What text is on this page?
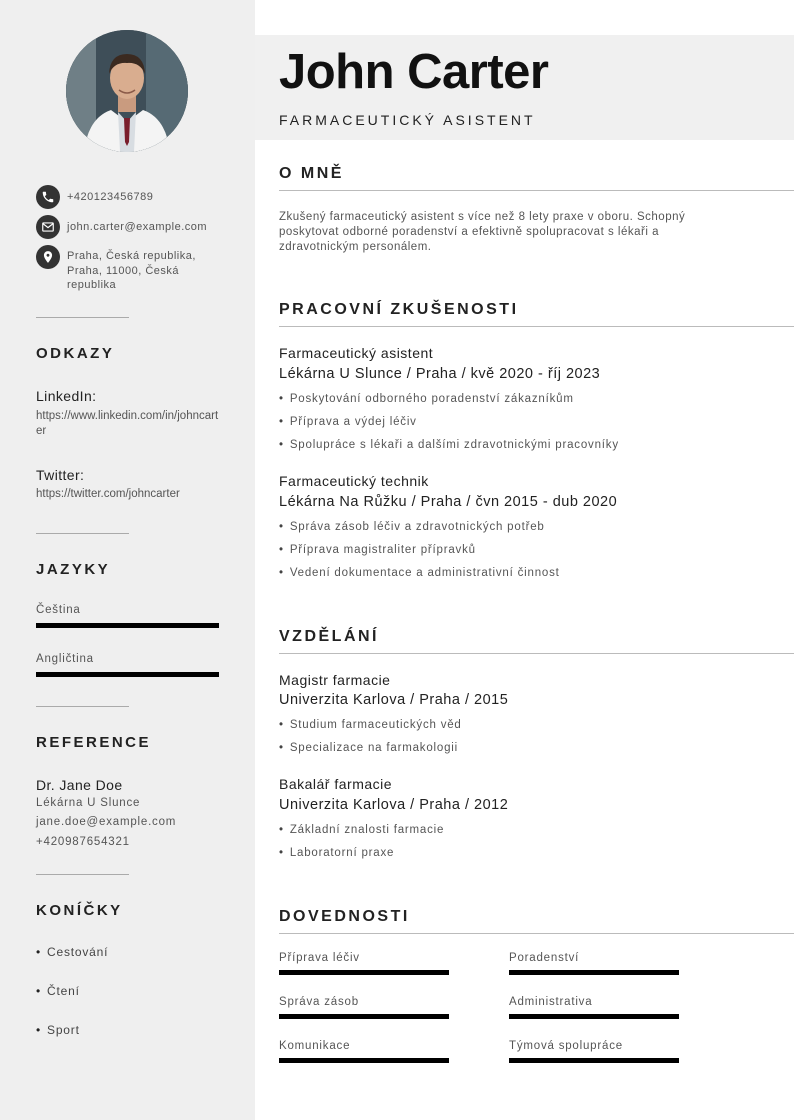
+420123456789
john.carter@example.com
Praha, Česká republika, Praha, 11000, Česká republika
ODKAZY
LinkedIn:
https://www.linkedin.com/in/johncarter
Twitter:
https://twitter.com/johncarter
JAZYKY
Čeština
Angličtina
REFERENCE
Dr. Jane Doe
Lékárna U Slunce
jane.doe@example.com
+420987654321
KONÍČKY
• Cestování
• Čtení
• Sport
John Carter
FARMACEUTICKÝ ASISTENT
O MNĚ
Zkušený farmaceutický asistent s více než 8 lety praxe v oboru. Schopný poskytovat odborné poradenství a efektivně spolupracovat s lékaři a zdravotnickým personálem.
PRACOVNÍ ZKUŠENOSTI
Farmaceutický asistent
Lékárna U Slunce / Praha / kvě 2020 - říj 2023
• Poskytování odborného poradenství zákazníkům
• Příprava a výdej léčiv
• Spolupráce s lékaři a dalšími zdravotnickými pracovníky
Farmaceutický technik
Lékárna Na Růžku / Praha / čvn 2015 - dub 2020
• Správa zásob léčiv a zdravotnických potřeb
• Příprava magistraliter přípravků
• Vedení dokumentace a administrativní činnost
VZDĚLÁNÍ
Magistr farmacie
Univerzita Karlova / Praha / 2015
• Studium farmaceutických věd
• Specializace na farmakologii
Bakalář farmacie
Univerzita Karlova / Praha / 2012
• Základní znalosti farmacie
• Laboratorní praxe
DOVEDNOSTI
Příprava léčiv	Poradenství
Správa zásob	Administrativa
Komunikace	Týmová spolupráce
